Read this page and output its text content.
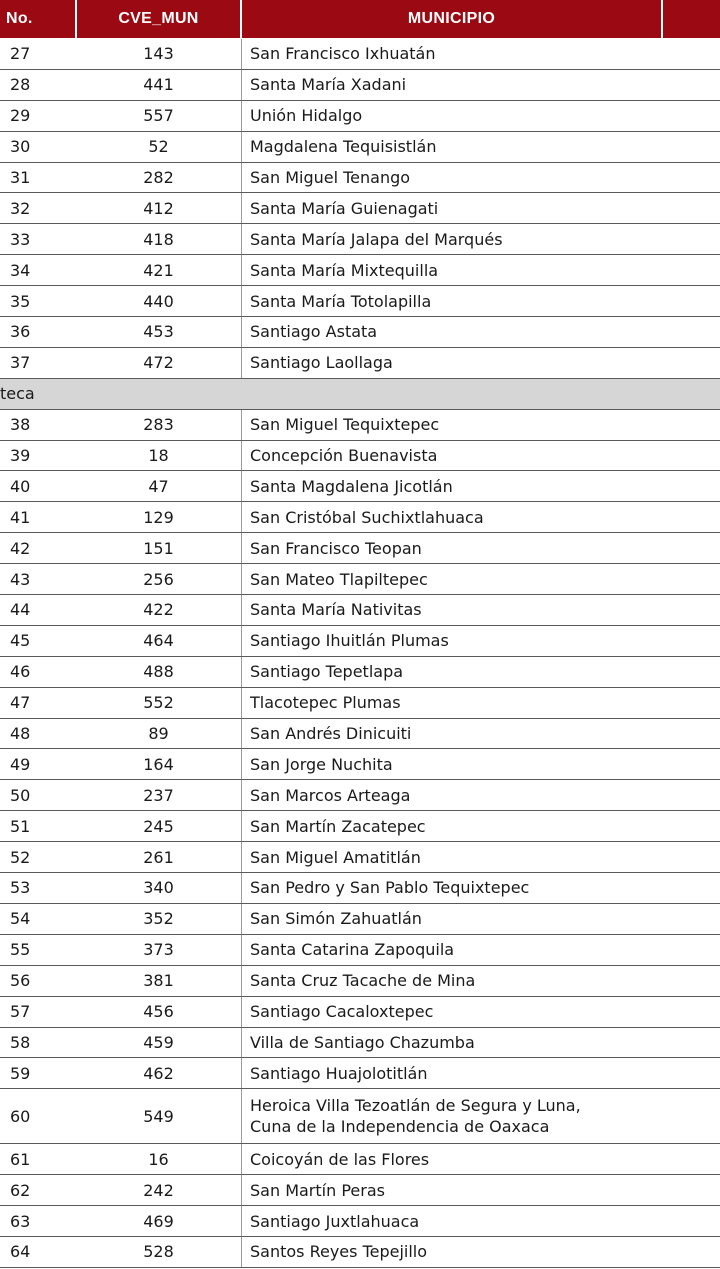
No.	CVE_MUN	MUNICIPIO
27	143	San Francisco Ixhuatán
28	441	Santa María Xadani
29	557	Unión Hidalgo
30	52	Magdalena Tequisistlán
31	282	San Miguel Tenango
32	412	Santa María Guienagati
33	418	Santa María Jalapa del Marqués
34	421	Santa María Mixtequilla
35	440	Santa María Totolapilla
36	453	Santiago Astata
37	472	Santiago Laollaga
teca
38	283	San Miguel Tequixtepec
39	18	Concepción Buenavista
40	47	Santa Magdalena Jicotlán
41	129	San Cristóbal Suchixtlahuaca
42	151	San Francisco Teopan
43	256	San Mateo Tlapiltepec
44	422	Santa María Nativitas
45	464	Santiago Ihuitlán Plumas
46	488	Santiago Tepetlapa
47	552	Tlacotepec Plumas
48	89	San Andrés Dinicuiti
49	164	San Jorge Nuchita
50	237	San Marcos Arteaga
51	245	San Martín Zacatepec
52	261	San Miguel Amatitlán
53	340	San Pedro y San Pablo Tequixtepec
54	352	San Simón Zahuatlán
55	373	Santa Catarina Zapoquila
56	381	Santa Cruz Tacache de Mina
57	456	Santiago Cacaloxtepec
58	459	Villa de Santiago Chazumba
59	462	Santiago Huajolotitlán
60	549
Heroica Villa Tezoatlán de Segura y Luna,
Cuna de la Independencia de Oaxaca
61	16	Coicoyán de las Flores
62	242	San Martín Peras
63	469	Santiago Juxtlahuaca
64	528	Santos Reyes Tepejillo
